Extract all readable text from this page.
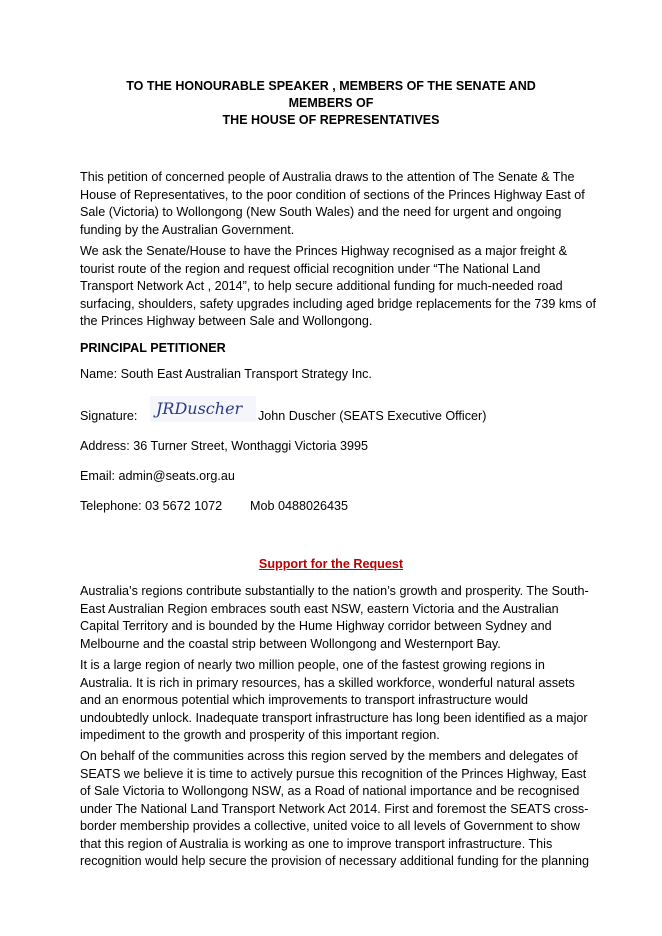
TO THE HONOURABLE SPEAKER , MEMBERS OF THE SENATE AND
MEMBERS OF
THE HOUSE OF REPRESENTATIVES
This petition of concerned people of Australia draws to the attention of The Senate & The
House of Representatives, to the poor condition of sections of the Princes Highway East of
Sale (Victoria) to Wollongong (New South Wales) and the need for urgent and ongoing
funding by the Australian Government.
We ask the Senate/House to have the Princes Highway recognised as a major freight &
tourist route of the region and request official recognition under “The National Land
Transport Network Act , 2014”, to help secure additional funding for much-needed road
surfacing, shoulders, safety upgrades including aged bridge replacements for the 739 kms of
the Princes Highway between Sale and Wollongong.
PRINCIPAL PETITIONER
Name: South East Australian Transport Strategy Inc.
Signature: JRDuscher John Duscher (SEATS Executive Officer)
Address: 36 Turner Street, Wonthaggi Victoria 3995
Email: admin@seats.org.au
Telephone: 03 5672 1072 Mob 0488026435
Support for the Request
Australia’s regions contribute substantially to the nation’s growth and prosperity. The South-
East Australian Region embraces south east NSW, eastern Victoria and the Australian
Capital Territory and is bounded by the Hume Highway corridor between Sydney and
Melbourne and the coastal strip between Wollongong and Westernport Bay.
It is a large region of nearly two million people, one of the fastest growing regions in
Australia. It is rich in primary resources, has a skilled workforce, wonderful natural assets
and an enormous potential which improvements to transport infrastructure would
undoubtedly unlock. Inadequate transport infrastructure has long been identified as a major
impediment to the growth and prosperity of this important region.
On behalf of the communities across this region served by the members and delegates of
SEATS we believe it is time to actively pursue this recognition of the Princes Highway, East
of Sale Victoria to Wollongong NSW, as a Road of national importance and be recognised
under The National Land Transport Network Act 2014. First and foremost the SEATS cross-
border membership provides a collective, united voice to all levels of Government to show
that this region of Australia is working as one to improve transport infrastructure. This
recognition would help secure the provision of necessary additional funding for the planning
